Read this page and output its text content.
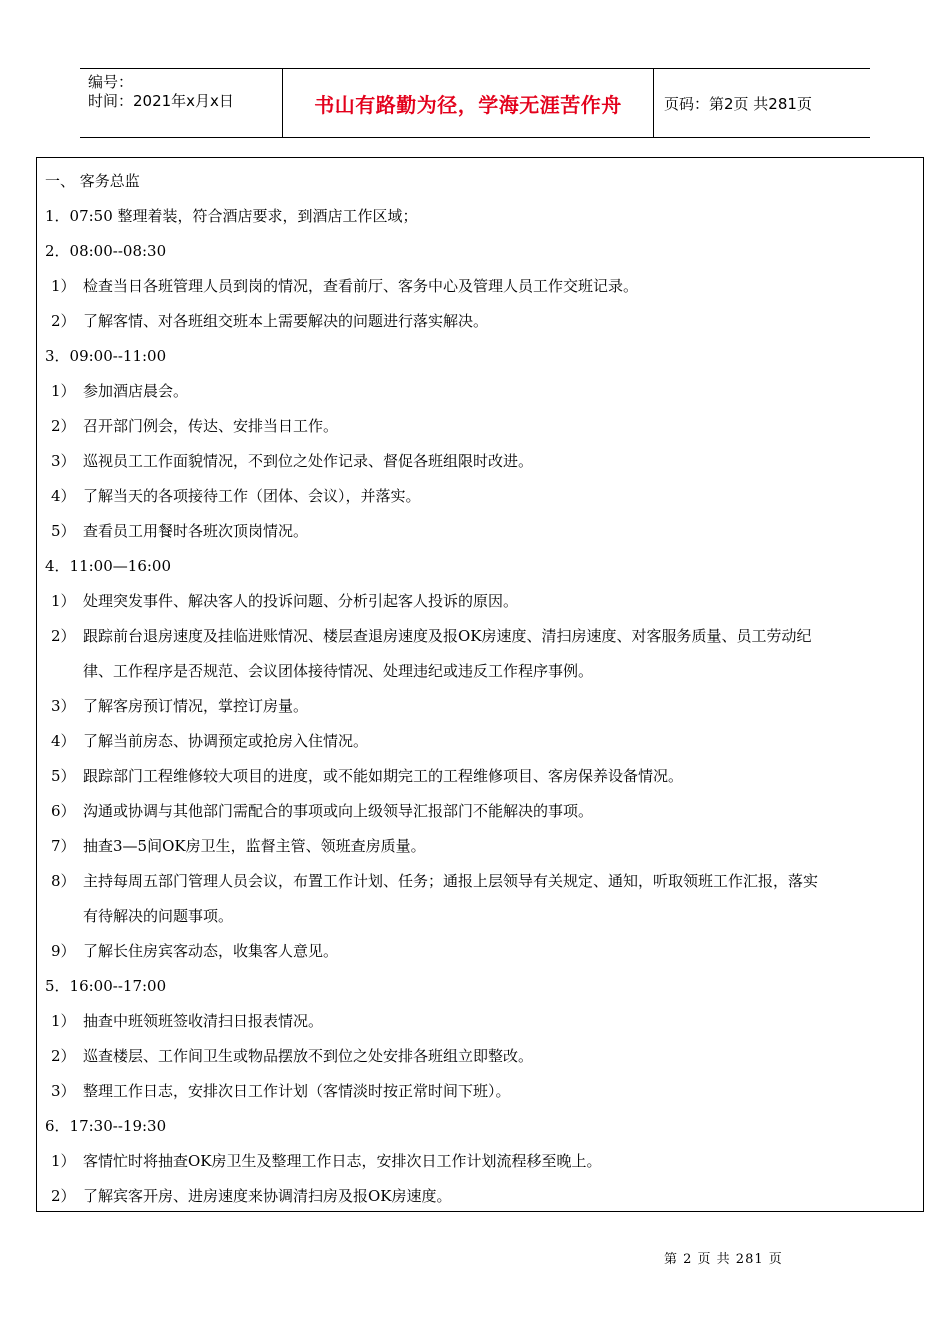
编号：
时间：2021年x月x日	书山有路勤为径，学海无涯苦作舟	页码：第2页 共281页
一、 客务总监
1．07:50 整理着装，符合酒店要求，到酒店工作区域；
2．08:00--08:30
1） 检查当日各班管理人员到岗的情况，查看前厅、客务中心及管理人员工作交班记录。
2） 了解客情、对各班组交班本上需要解决的问题进行落实解决。
3．09:00--11:00
1） 参加酒店晨会。
2） 召开部门例会，传达、安排当日工作。
3） 巡视员工工作面貌情况，不到位之处作记录、督促各班组限时改进。
4） 了解当天的各项接待工作（团体、会议），并落实。
5） 查看员工用餐时各班次顶岗情况。
4．11:00—16:00
1） 处理突发事件、解决客人的投诉问题、分析引起客人投诉的原因。
2） 跟踪前台退房速度及挂临进账情况、楼层查退房速度及报OK房速度、清扫房速度、对客服务质量、员工劳动纪
律、工作程序是否规范、会议团体接待情况、处理违纪或违反工作程序事例。
3） 了解客房预订情况，掌控订房量。
4） 了解当前房态、协调预定或抢房入住情况。
5） 跟踪部门工程维修较大项目的进度，或不能如期完工的工程维修项目、客房保养设备情况。
6） 沟通或协调与其他部门需配合的事项或向上级领导汇报部门不能解决的事项。
7） 抽查3—5间OK房卫生，监督主管、领班查房质量。
8） 主持每周五部门管理人员会议，布置工作计划、任务；通报上层领导有关规定、通知，听取领班工作汇报，落实
有待解决的问题事项。
9） 了解长住房宾客动态，收集客人意见。
5．16:00--17:00
1） 抽查中班领班签收清扫日报表情况。
2） 巡查楼层、工作间卫生或物品摆放不到位之处安排各班组立即整改。
3） 整理工作日志，安排次日工作计划（客情淡时按正常时间下班）。
6．17:30--19:30
1） 客情忙时将抽查OK房卫生及整理工作日志，安排次日工作计划流程移至晚上。
2） 了解宾客开房、进房速度来协调清扫房及报OK房速度。
第 2 页 共 281 页
